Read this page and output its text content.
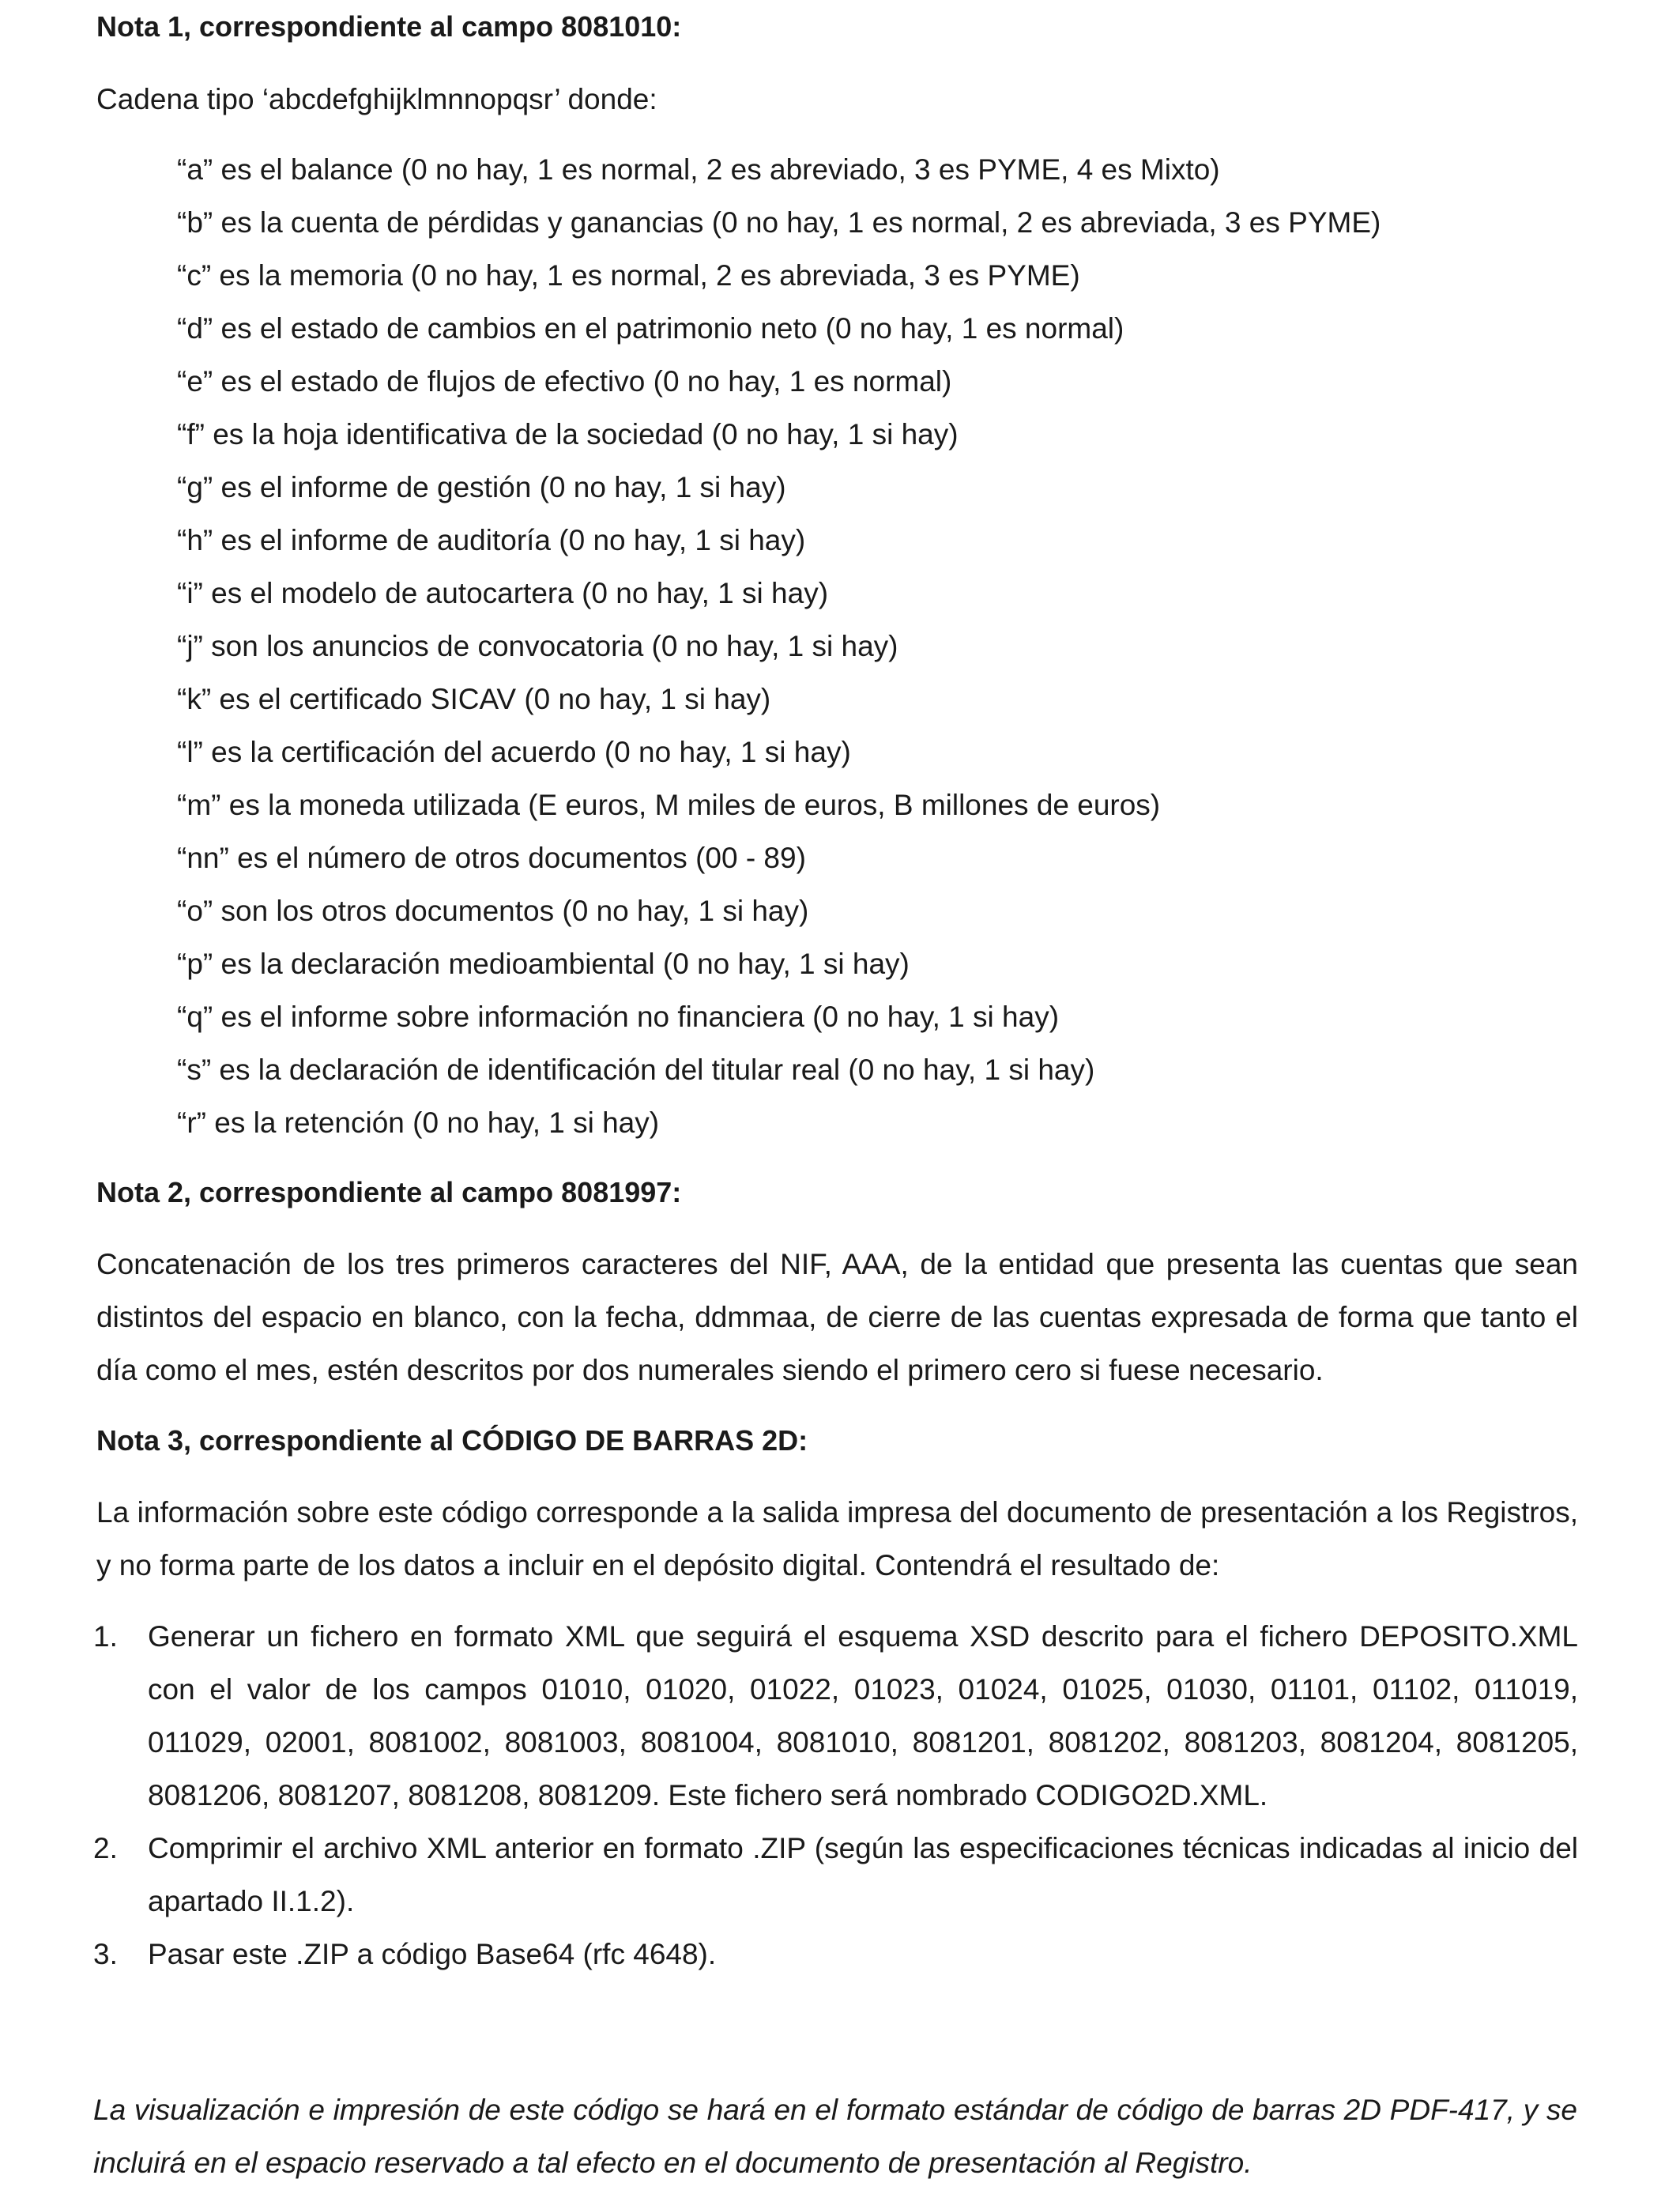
Nota 1, correspondiente al campo 8081010:

Cadena tipo ‘abcdefghijklmnnopqsr’ donde:

“a” es el balance (0 no hay, 1 es normal, 2 es abreviado, 3 es PYME, 4 es Mixto)
“b” es la cuenta de pérdidas y ganancias (0 no hay, 1 es normal, 2 es abreviada, 3 es PYME)
“c” es la memoria (0 no hay, 1 es normal, 2 es abreviada, 3 es PYME)
“d” es el estado de cambios en el patrimonio neto (0 no hay, 1 es normal)
“e” es el estado de flujos de efectivo (0 no hay, 1 es normal)
“f” es la hoja identificativa de la sociedad (0 no hay, 1 si hay)
“g” es el informe de gestión (0 no hay, 1 si hay)
“h” es el informe de auditoría (0 no hay, 1 si hay)
“i” es el modelo de autocartera (0 no hay, 1 si hay)
“j” son los anuncios de convocatoria (0 no hay, 1 si hay)
“k” es el certificado SICAV (0 no hay, 1 si hay)
“l” es la certificación del acuerdo (0 no hay, 1 si hay)
“m” es la moneda utilizada (E euros, M miles de euros, B millones de euros)
“nn” es el número de otros documentos (00 - 89)
“o” son los otros documentos (0 no hay, 1 si hay)
“p” es la declaración medioambiental (0 no hay, 1 si hay)
“q” es el informe sobre información no financiera (0 no hay, 1 si hay)
“s” es la declaración de identificación del titular real (0 no hay, 1 si hay)
“r” es la retención (0 no hay, 1 si hay)

Nota 2, correspondiente al campo 8081997:

Concatenación de los tres primeros caracteres del NIF, AAA, de la entidad que presenta las cuentas que sean distintos del espacio en blanco, con la fecha, ddmmaa, de cierre de las cuentas expresada de forma que tanto el día como el mes, estén descritos por dos numerales siendo el primero cero si fuese necesario.

Nota 3, correspondiente al CÓDIGO DE BARRAS 2D:

La información sobre este código corresponde a la salida impresa del documento de presentación a los Registros, y no forma parte de los datos a incluir en el depósito digital. Contendrá el resultado de:

1. Generar un fichero en formato XML que seguirá el esquema XSD descrito para el fichero DEPOSITO.XML con el valor de los campos 01010, 01020, 01022, 01023, 01024, 01025, 01030, 01101, 01102, 011019, 011029, 02001, 8081002, 8081003, 8081004, 8081010, 8081201, 8081202, 8081203, 8081204, 8081205, 8081206, 8081207, 8081208, 8081209. Este fichero será nombrado CODIGO2D.XML.
2. Comprimir el archivo XML anterior en formato .ZIP (según las especificaciones técnicas indicadas al inicio del apartado II.1.2).
3. Pasar este .ZIP a código Base64 (rfc 4648).

La visualización e impresión de este código se hará en el formato estándar de código de barras 2D PDF-417, y se incluirá en el espacio reservado a tal efecto en el documento de presentación al Registro.
